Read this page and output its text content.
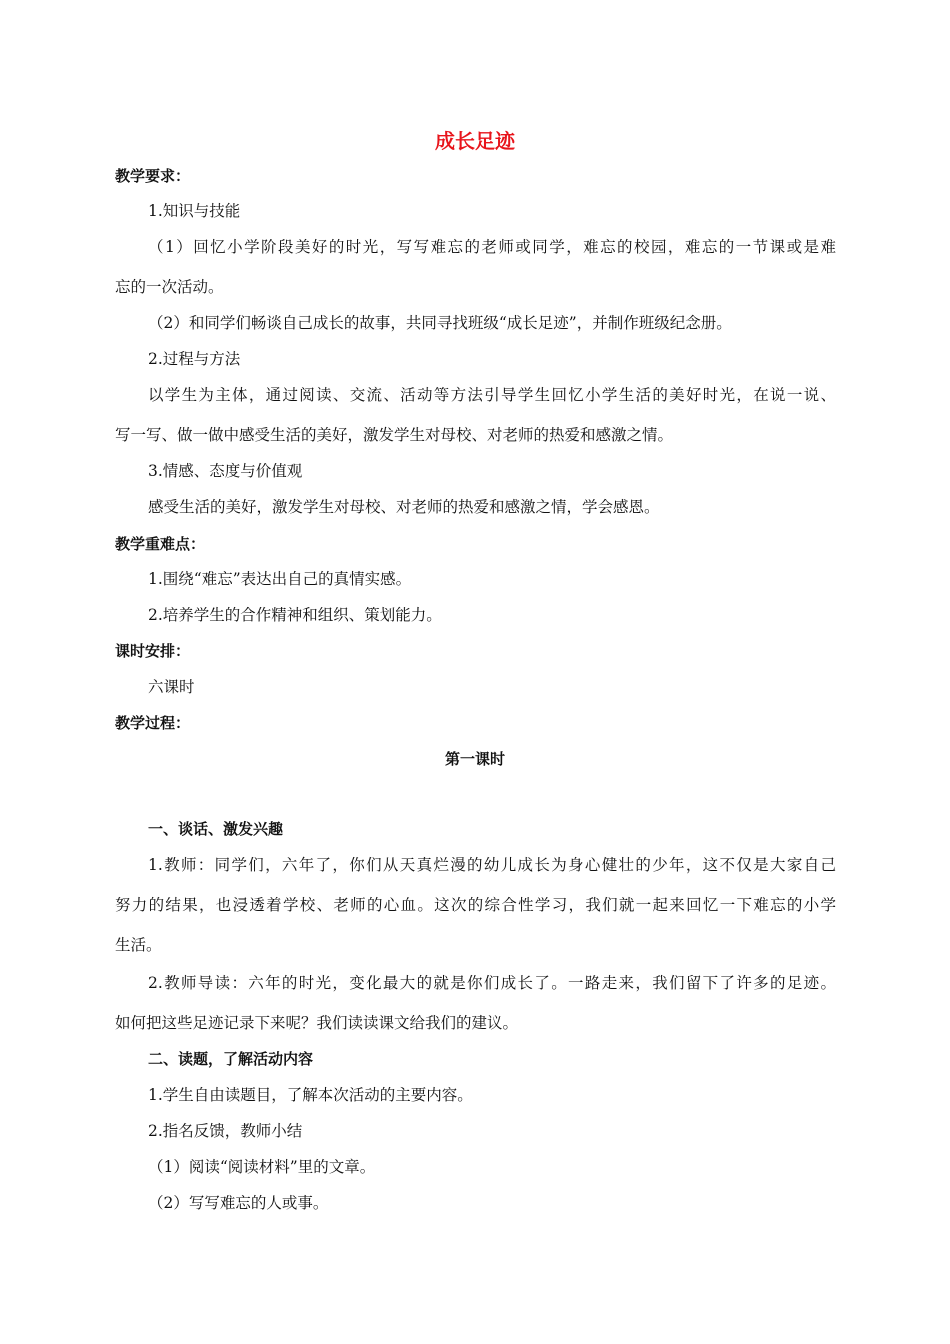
成长足迹
教学要求：
1.知识与技能
（1）回忆小学阶段美好的时光，写写难忘的老师或同学，难忘的校园，难忘的一节课或是难
忘的一次活动。
（2）和同学们畅谈自己成长的故事，共同寻找班级“成长足迹”，并制作班级纪念册。
2.过程与方法
以学生为主体，通过阅读、交流、活动等方法引导学生回忆小学生活的美好时光，在说一说、
写一写、做一做中感受生活的美好，激发学生对母校、对老师的热爱和感激之情。
3.情感、态度与价值观
感受生活的美好，激发学生对母校、对老师的热爱和感激之情，学会感恩。
教学重难点：
1.围绕“难忘”表达出自己的真情实感。
2.培养学生的合作精神和组织、策划能力。
课时安排：
六课时
教学过程：
第一课时
一、谈话、激发兴趣
1.教师：同学们，六年了，你们从天真烂漫的幼儿成长为身心健壮的少年，这不仅是大家自己
努力的结果，也浸透着学校、老师的心血。这次的综合性学习，我们就一起来回忆一下难忘的小学
生活。
2.教师导读：六年的时光，变化最大的就是你们成长了。一路走来，我们留下了许多的足迹。
如何把这些足迹记录下来呢？我们读读课文给我们的建议。
二、读题，了解活动内容
1.学生自由读题目，了解本次活动的主要内容。
2.指名反馈，教师小结
（1）阅读“阅读材料”里的文章。
（2）写写难忘的人或事。
